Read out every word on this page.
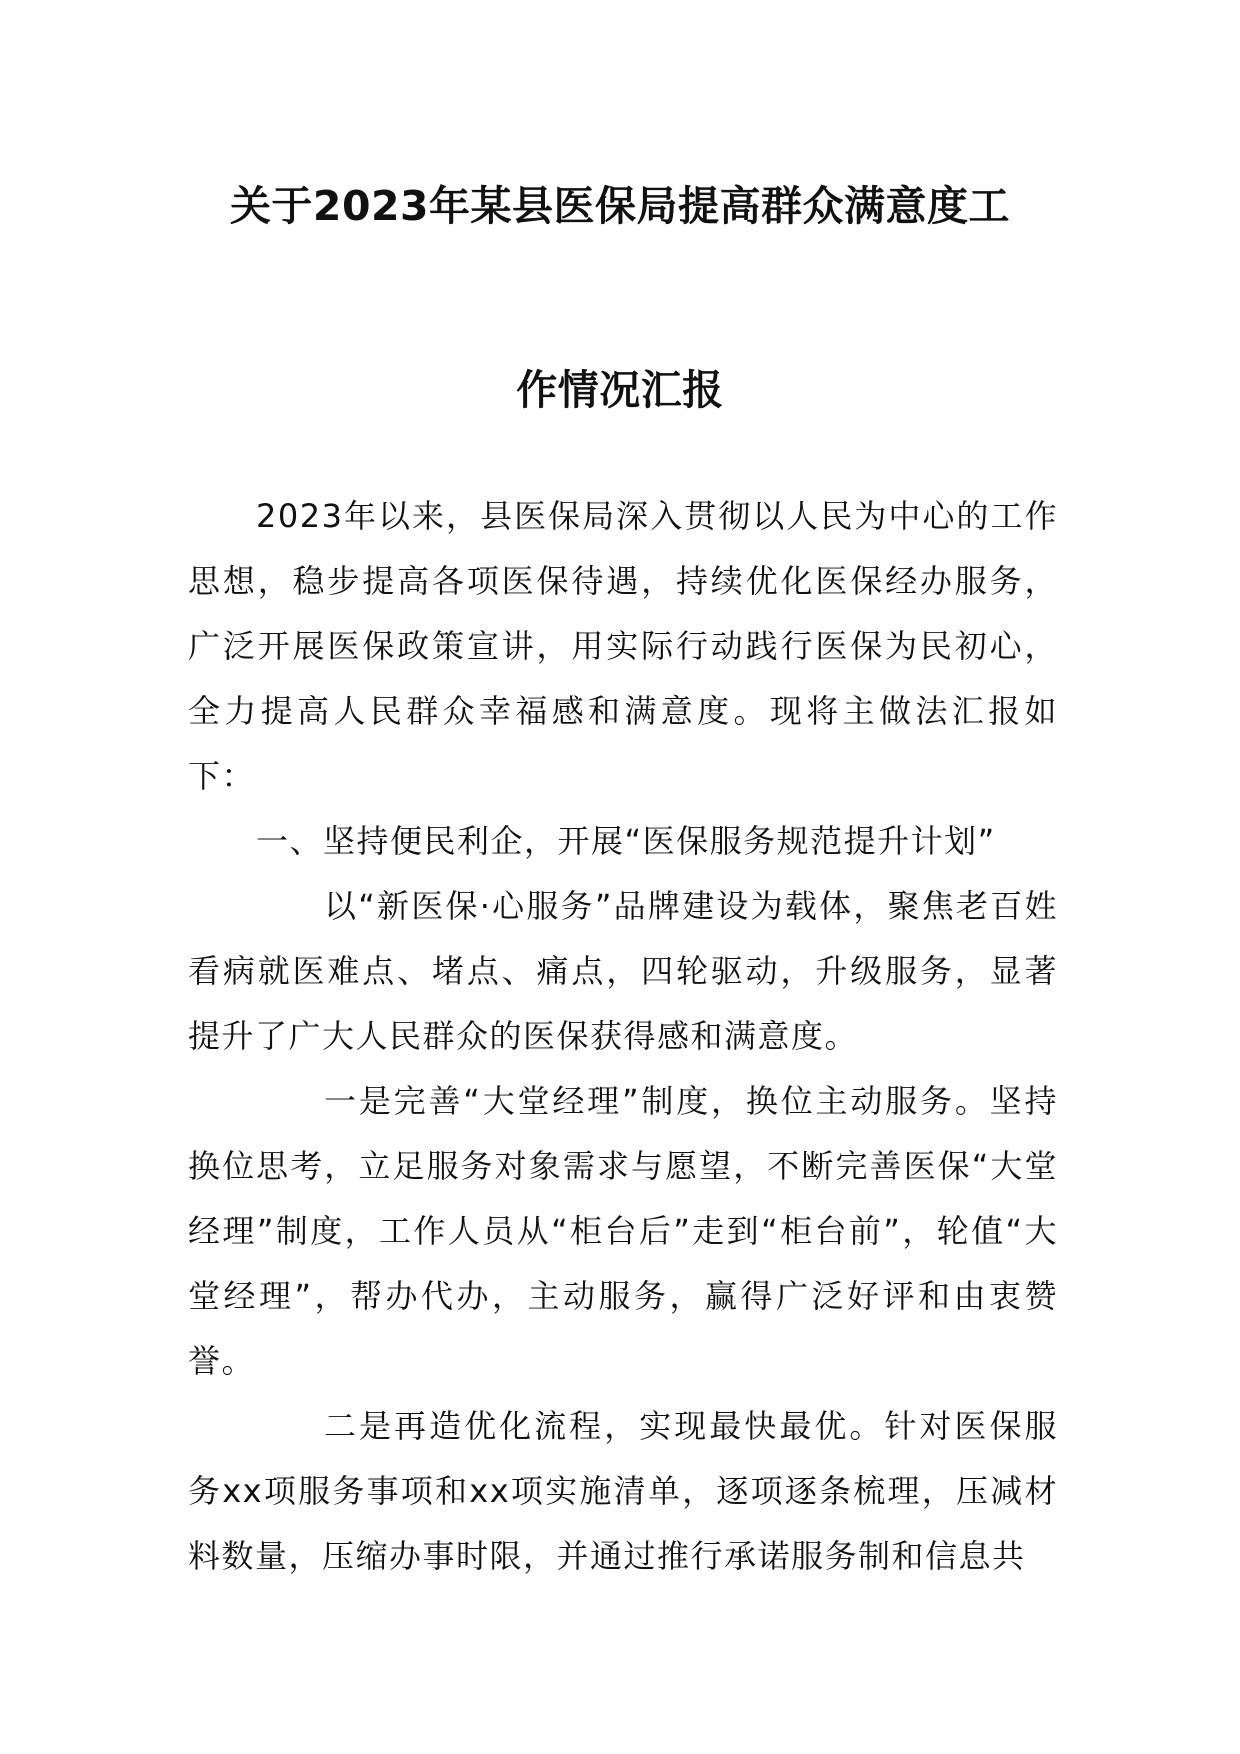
关于2023年某县医保局提高群众满意度工
作情况汇报

2023年以来，县医保局深入贯彻以人民为中心的工作思想，稳步提高各项医保待遇，持续优化医保经办服务，广泛开展医保政策宣讲，用实际行动践行医保为民初心，全力提高人民群众幸福感和满意度。现将主做法汇报如下：

一、坚持便民利企，开展“医保服务规范提升计划”

以“新医保·心服务”品牌建设为载体，聚焦老百姓看病就医难点、堵点、痛点，四轮驱动，升级服务，显著提升了广大人民群众的医保获得感和满意度。

一是完善“大堂经理”制度，换位主动服务。坚持换位思考，立足服务对象需求与愿望，不断完善医保“大堂经理”制度，工作人员从“柜台后”走到“柜台前”，轮值“大堂经理”，帮办代办，主动服务，赢得广泛好评和由衷赞誉。

二是再造优化流程，实现最快最优。针对医保服务xx项服务事项和xx项实施清单，逐项逐条梳理，压减材料数量，压缩办事时限，并通过推行承诺服务制和信息共
